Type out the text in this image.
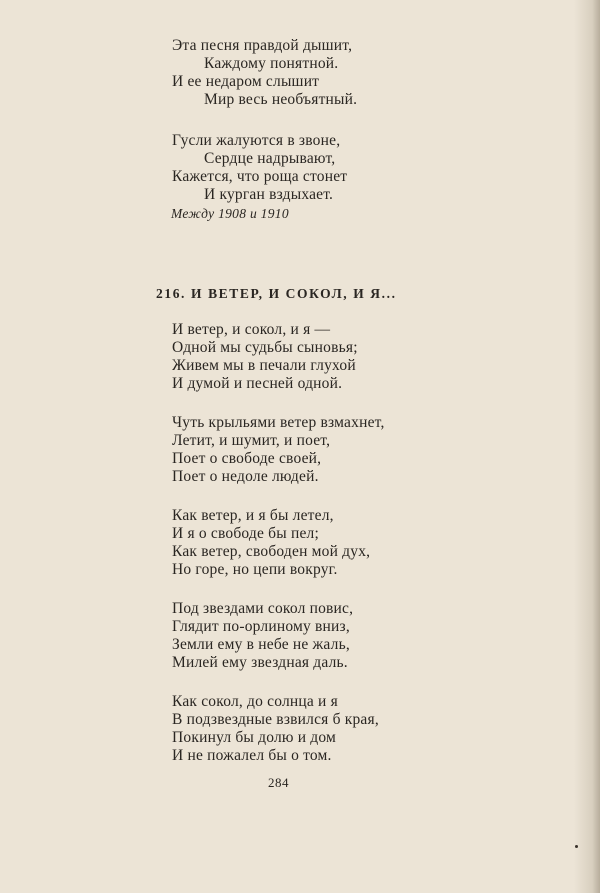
Эта песня правдой дышит,
Каждому понятной.
И ее недаром слышит
Мир весь необъятный.
Гусли жалуются в звоне,
Сердце надрывают,
Кажется, что роща стонет
И курган вздыхает.
Между 1908 и 1910
216. И ВЕТЕР, И СОКОЛ, И Я...
И ветер, и сокол, и я —
Одной мы судьбы сыновья;
Живем мы в печали глухой
И думой и песней одной.
Чуть крыльями ветер взмахнет,
Летит, и шумит, и поет,
Поет о свободе своей,
Поет о недоле людей.
Как ветер, и я бы летел,
И я о свободе бы пел;
Как ветер, свободен мой дух,
Но горе, но цепи вокруг.
Под звездами сокол повис,
Глядит по-орлиному вниз,
Земли ему в небе не жаль,
Милей ему звездная даль.
Как сокол, до солнца и я
В подзвездные взвился б края,
Покинул бы долю и дом
И не пожалел бы о том.
284
